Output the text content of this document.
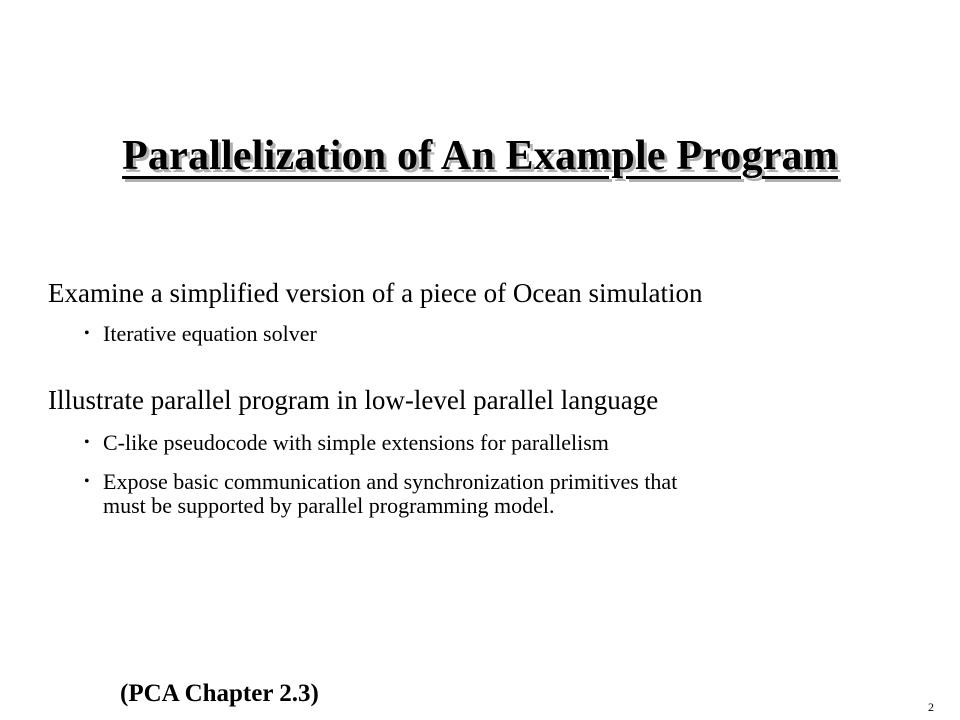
Parallelization of An Example Program

Examine a simplified version of a piece of Ocean simulation

• Iterative equation solver

Illustrate parallel program in low-level parallel language

• C-like pseudocode with simple extensions for parallelism
• Expose basic communication and synchronization primitives that
must be supported by parallel programming model.
(PCA Chapter 2.3)	2
